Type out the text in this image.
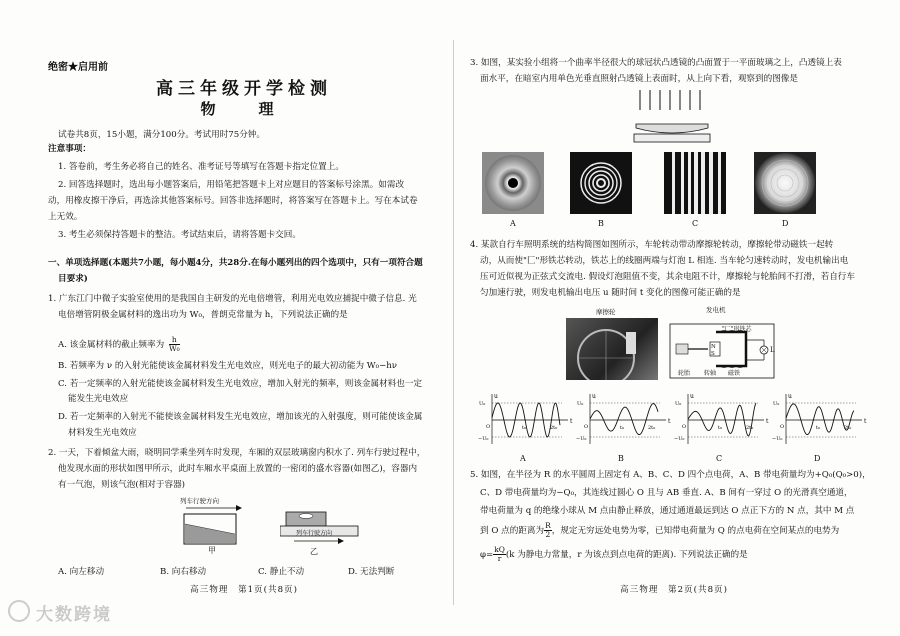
绝密★启用前
高三年级开学检测
物　理
试卷共8页，15小题，满分100分。考试用时75分钟。
注意事项：
1. 答卷前，考生务必将自己的姓名、准考证号等填写在答题卡指定位置上。
2. 回答选择题时，选出每小题答案后，用铅笔把答题卡上对应题目的答案标号涂黑。如需改
动，用橡皮擦干净后，再选涂其他答案标号。回答非选择题时，将答案写在答题卡上。写在本试卷
上无效。
3. 考生必须保持答题卡的整洁。考试结束后，请将答题卡交回。
一、单项选择题(本题共7小题，每小题4分，共28分.在每小题列出的四个选项中，只有一项符合题
目要求)
1. 广东江门中微子实验室使用的是我国自主研发的光电倍增管，利用光电效应捕捉中微子信息. 光
电倍增管阴极金属材料的逸出功为 W₀，普朗克常量为 h，下列说法正确的是
A. 该金属材料的截止频率为 $\frac{h}{\text{W₀}}$
B. 若频率为 ν 的入射光能使该金属材料发生光电效应，则光电子的最大初动能为 W₀−hν
C. 若一定频率的入射光能使该金属材料发生光电效应，增加入射光的频率，则该金属材料也一定
能发生光电效应
D. 若一定频率的入射光不能使该金属材料发生光电效应，增加该光的入射强度，则可能使该金属
材料发生光电效应
2. 一天，下着倾盆大雨，晓明同学乘坐列车时发现，车厢的双层玻璃窗内积水了. 列车行驶过程中，
他发现水面的形状如图甲所示，此时车厢水平桌面上放置的一密闭的盛水容器(如图乙)，容器内
有一气泡，则该气泡(相对于容器)
列车行驶方向
甲
列车行驶方向
乙
A. 向左移动	B. 向右移动	C. 静止不动	D. 无法判断
高三物理　第1页(共8页)
3. 如图，某实验小组将一个曲率半径很大的球冠状凸透镜的凸面置于一平面玻璃之上，凸透镜上表
面水平，在暗室内用单色光垂直照射凸透镜上表面时，从上向下看，观察到的图像是
A	B	C	D
4. 某款自行车照明系统的结构简图如图所示，车轮转动带动摩擦轮转动，摩擦轮带动磁铁一起转
动，从而使"匚"形铁芯转动，铁芯上的线圈两端与灯泡 L 相连. 当车轮匀速转动时，发电机输出电
压可近似视为正弦式交流电. 假设灯泡阻值不变，其余电阻不计，摩擦轮与轮胎间不打滑，若自行车
匀加速行驶，则发电机输出电压 u 随时间 t 变化的图像可能正确的是
摩擦轮	发电机
"匚"形铁芯
N
S	L
轮胎 转轴 磁铁
t
u
U₀
−U₀
O	t₀	2t₀
t
u
U₀
−U₀
O	t₀	2t₀
t
u
U₀
−U₀
O	t₀	2t₀
t
u
U₀
−U₀
O	t₀	2t₀
A	B	C	D
5. 如图，在半径为 R 的水平圆周上固定有 A、B、C、D 四个点电荷，A、B 带电荷量均为+Q₀(Q₀>0)，
C、D 带电荷量均为−Q₀，其连线过圆心 O 且与 AB 垂直. A、B 间有一穿过 O 的光滑真空通道，
带电荷量为 q 的绝缘小球从 M 点由静止释放，通过通道最远到达 O 点正下方的 N 点，其中 M 点
到 O 点的距离为 $\frac{R}{2}$ ，规定无穷远处电势为零，已知带电荷量为 Q 的点电荷在空间某点的电势为
$\varphi= \frac{kQ}{r} (k$ 为静电力常量，r 为该点到点电荷的距离). 下列说法正确的是
高三物理　第2页(共8页)
大数跨境
